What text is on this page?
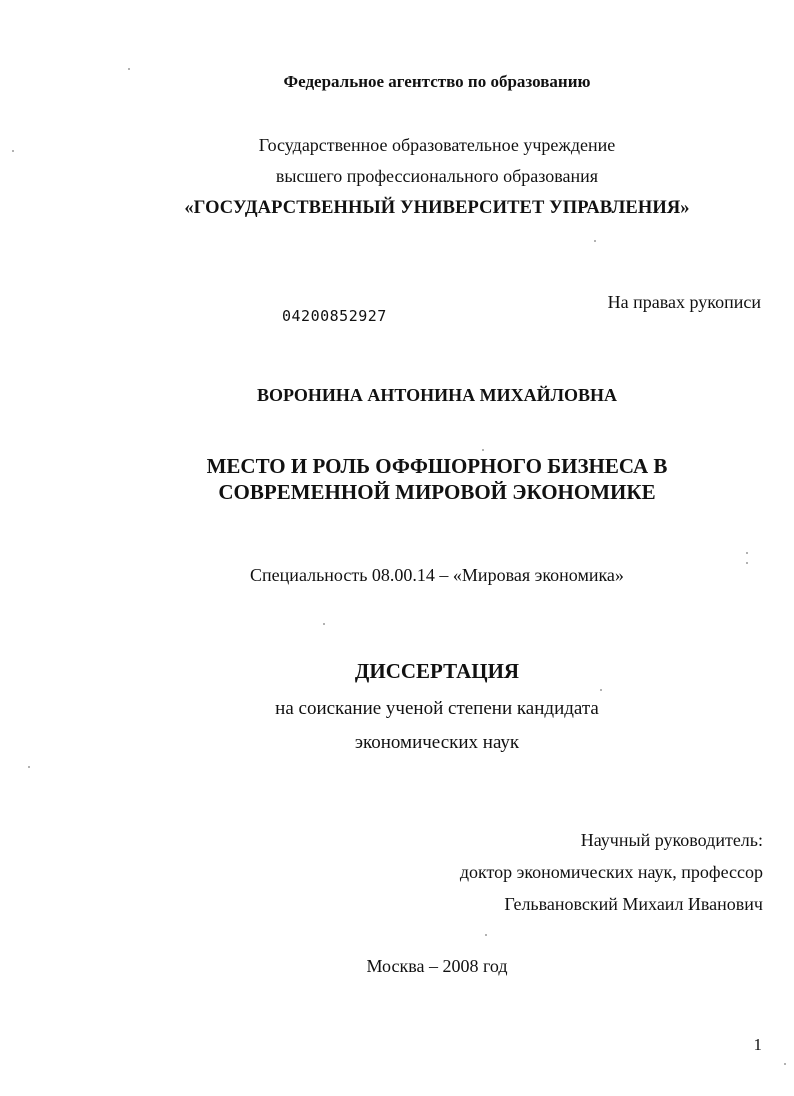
Федеральное агентство по образованию
Государственное образовательное учреждение
высшего профессионального образования
«ГОСУДАРСТВЕННЫЙ УНИВЕРСИТЕТ УПРАВЛЕНИЯ»
На правах рукописи
04200852927
ВОРОНИНА АНТОНИНА МИХАЙЛОВНА
МЕСТО И РОЛЬ ОФФШОРНОГО БИЗНЕСА В
СОВРЕМЕННОЙ МИРОВОЙ ЭКОНОМИКЕ
Специальность 08.00.14 – «Мировая экономика»
ДИССЕРТАЦИЯ
на соискание ученой степени кандидата
экономических наук
Научный руководитель:
доктор экономических наук, профессор
Гельвановский Михаил Иванович
Москва – 2008 год
1
